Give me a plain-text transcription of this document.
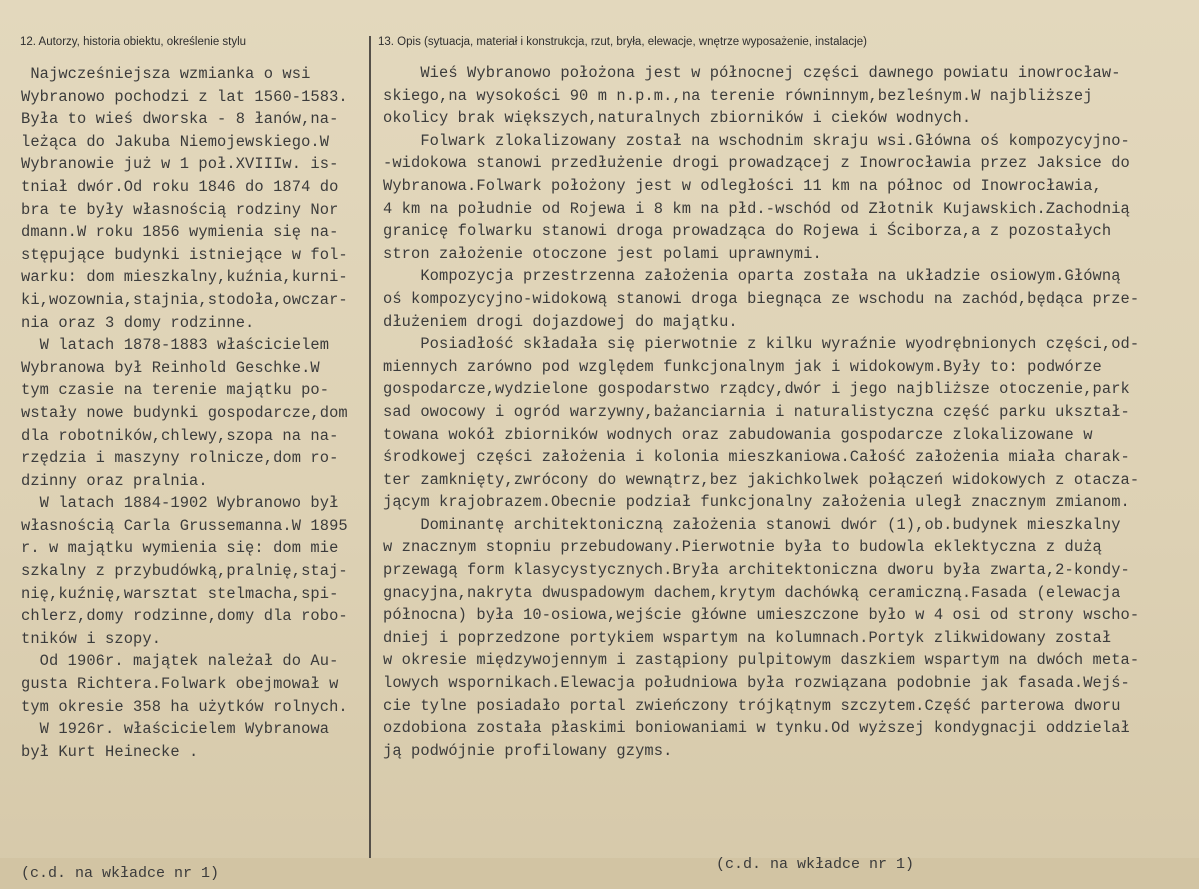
12. Autorzy, historia obiektu, określenie stylu	13. Opis (sytuacja, materiał i konstrukcja, rzut, bryła, elewacje, wnętrze wyposażenie, instalacje)
Najwcześniejsza wzmianka o wsi
Wybranowo pochodzi z lat 1560-1583.
Była to wieś dworska - 8 łanów,na-
leżąca do Jakuba Niemojewskiego.W
Wybranowie już w 1 poł.XVIIIw. is-
tniał dwór.Od roku 1846 do 1874 do
bra te były własnością rodziny Nor
dmann.W roku 1856 wymienia się na-
stępujące budynki istniejące w fol-
warku: dom mieszkalny,kuźnia,kurni-
ki,wozownia,stajnia,stodoła,owczar-
nia oraz 3 domy rodzinne.
W latach 1878-1883 właścicielem
Wybranowa był Reinhold Geschke.W
tym czasie na terenie majątku po-
wstały nowe budynki gospodarcze,dom
dla robotników,chlewy,szopa na na-
rzędzia i maszyny rolnicze,dom ro-
dzinny oraz pralnia.
W latach 1884-1902 Wybranowo był
własnością Carla Grussemanna.W 1895
r. w majątku wymienia się: dom mie
szkalny z przybudówką,pralnię,staj-
nię,kuźnię,warsztat stelmacha,spi-
chlerz,domy rodzinne,domy dla robo-
tników i szopy.
Od 1906r. majątek należał do Au-
gusta Richtera.Folwark obejmował w
tym okresie 358 ha użytków rolnych.
W 1926r. właścicielem Wybranowa
był Kurt Heinecke .
Wieś Wybranowo położona jest w północnej części dawnego powiatu inowrocław-
skiego,na wysokości 90 m n.p.m.,na terenie równinnym,bezleśnym.W najbliższej
okolicy brak większych,naturalnych zbiorników i cieków wodnych.
Folwark zlokalizowany został na wschodnim skraju wsi.Główna oś kompozycyjno-
-widokowa stanowi przedłużenie drogi prowadzącej z Inowrocławia przez Jaksice do
Wybranowa.Folwark położony jest w odległości 11 km na północ od Inowrocławia,
4 km na południe od Rojewa i 8 km na płd.-wschód od Złotnik Kujawskich.Zachodnią
granicę folwarku stanowi droga prowadząca do Rojewa i Ściborza,a z pozostałych
stron założenie otoczone jest polami uprawnymi.
Kompozycja przestrzenna założenia oparta została na układzie osiowym.Główną
oś kompozycyjno-widokową stanowi droga biegnąca ze wschodu na zachód,będąca prze-
dłużeniem drogi dojazdowej do majątku.
Posiadłość składała się pierwotnie z kilku wyraźnie wyodrębnionych części,od-
miennych zarówno pod względem funkcjonalnym jak i widokowym.Były to: podwórze
gospodarcze,wydzielone gospodarstwo rządcy,dwór i jego najbliższe otoczenie,park
sad owocowy i ogród warzywny,bażanciarnia i naturalistyczna część parku ukształ-
towana wokół zbiorników wodnych oraz zabudowania gospodarcze zlokalizowane w
środkowej części założenia i kolonia mieszkaniowa.Całość założenia miała charak-
ter zamknięty,zwrócony do wewnątrz,bez jakichkolwek połączeń widokowych z otacza-
jącym krajobrazem.Obecnie podział funkcjonalny założenia uległ znacznym zmianom.
Dominantę architektoniczną założenia stanowi dwór (1),ob.budynek mieszkalny
w znacznym stopniu przebudowany.Pierwotnie była to budowla eklektyczna z dużą
przewagą form klasycystycznych.Bryła architektoniczna dworu była zwarta,2-kondy-
gnacyjna,nakryta dwuspadowym dachem,krytym dachówką ceramiczną.Fasada (elewacja
północna) była 10-osiowa,wejście główne umieszczone było w 4 osi od strony wscho-
dniej i poprzedzone portykiem wspartym na kolumnach.Portyk zlikwidowany został
w okresie międzywojennym i zastąpiony pulpitowym daszkiem wspartym na dwóch meta-
lowych wspornikach.Elewacja południowa była rozwiązana podobnie jak fasada.Wejś-
cie tylne posiadało portal zwieńczony trójkątnym szczytem.Część parterowa dworu
ozdobiona została płaskimi boniowaniami w tynku.Od wyższej kondygnacji oddzielał
ją podwójnie profilowany gzyms.
(c.d. na wkładce nr 1)
(c.d. na wkładce nr 1)
